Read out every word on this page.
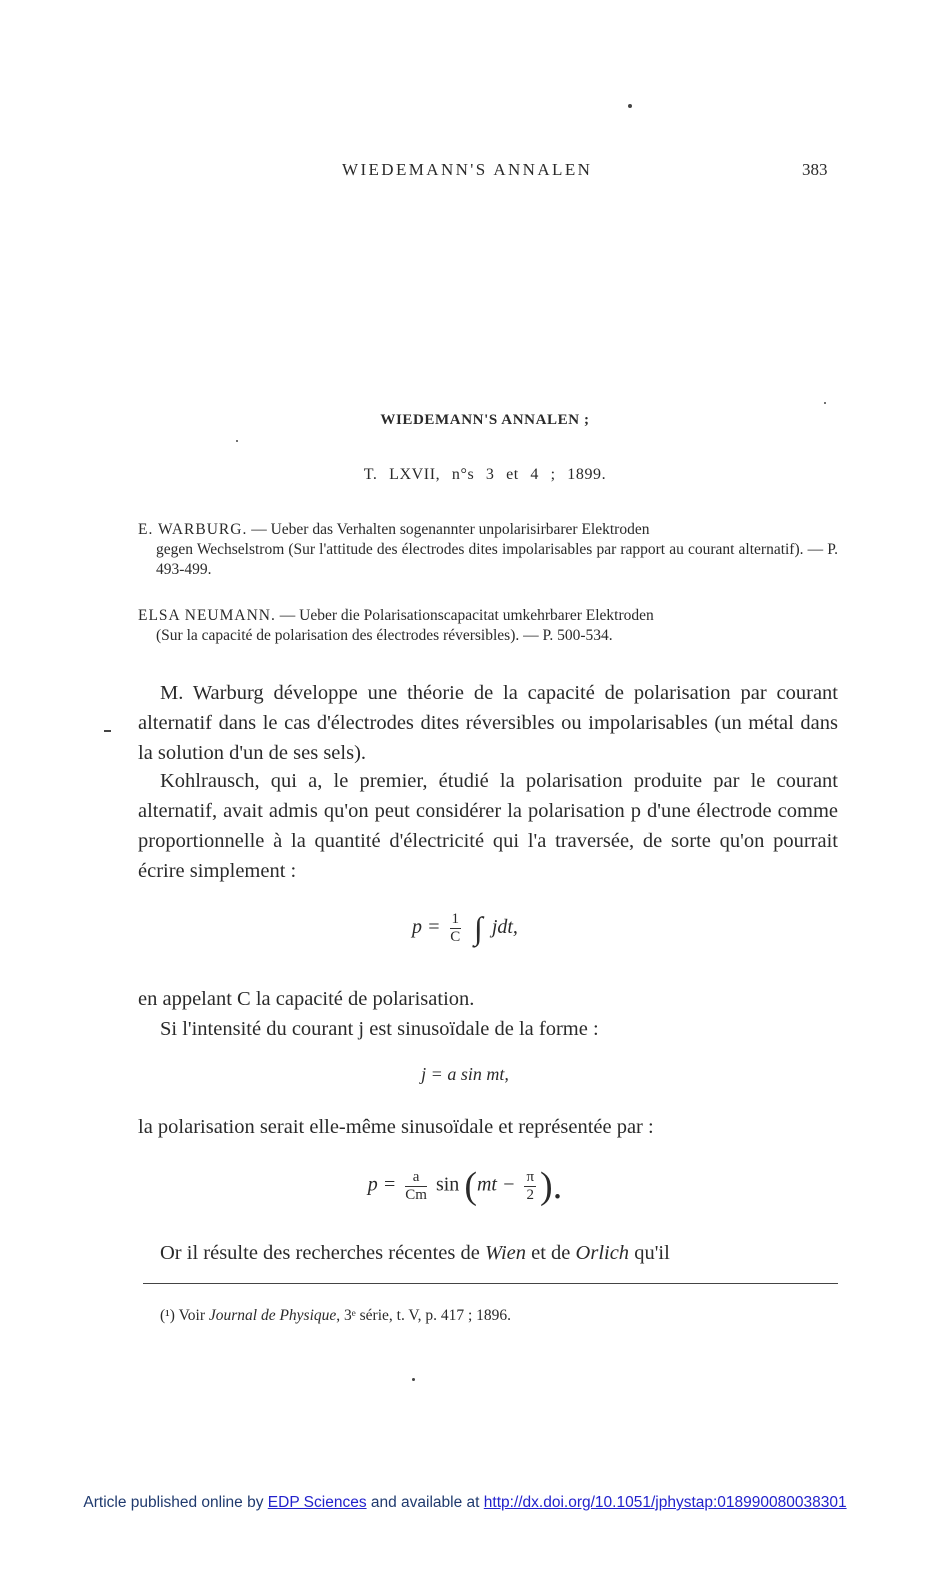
WIEDEMANN'S ANNALEN	383
WIEDEMANN'S ANNALEN ;
T. LXVII, n°s 3 et 4 ; 1899.
E. WARBURG. — Ueber das Verhalten sogenannter unpolarisirbarer Elektroden
gegen Wechselstrom (Sur l'attitude des électrodes dites impolarisables par rapport au courant alternatif). — P. 493-499.
ELSA NEUMANN. — Ueber die Polarisationscapacitat umkehrbarer Elektroden
(Sur la capacité de polarisation des électrodes réversibles). — P. 500-534.
M. Warburg développe une théorie de la capacité de polarisation par courant alternatif dans le cas d'électrodes dites réversibles ou impolarisables (un métal dans la solution d'un de ses sels).
Kohlrausch, qui a, le premier, étudié la polarisation produite par le courant alternatif, avait admis qu'on peut considérer la polarisation p d'une électrode comme proportionnelle à la quantité d'électricité qui l'a traversée, de sorte qu'on pourrait écrire simplement :
$p = \frac{1}{C}$ ∫ jdt,
en appelant C la capacité de polarisation.
Si l'intensité du courant j est sinusoïdale de la forme :
j = a sin mt,
la polarisation serait elle-même sinusoïdale et représentée par :
$p = \frac{a}{Cm}$ $\sin (mt - \frac{\pi}{2}$ ).
Or il résulte des recherches récentes de Wien et de Orlich qu'il
(¹) Voir Journal de Physique, 3ᵉ série, t. V, p. 417 ; 1896.
Article published online by EDP Sciences and available at http://dx.doi.org/10.1051/jphystap:018990080038301
